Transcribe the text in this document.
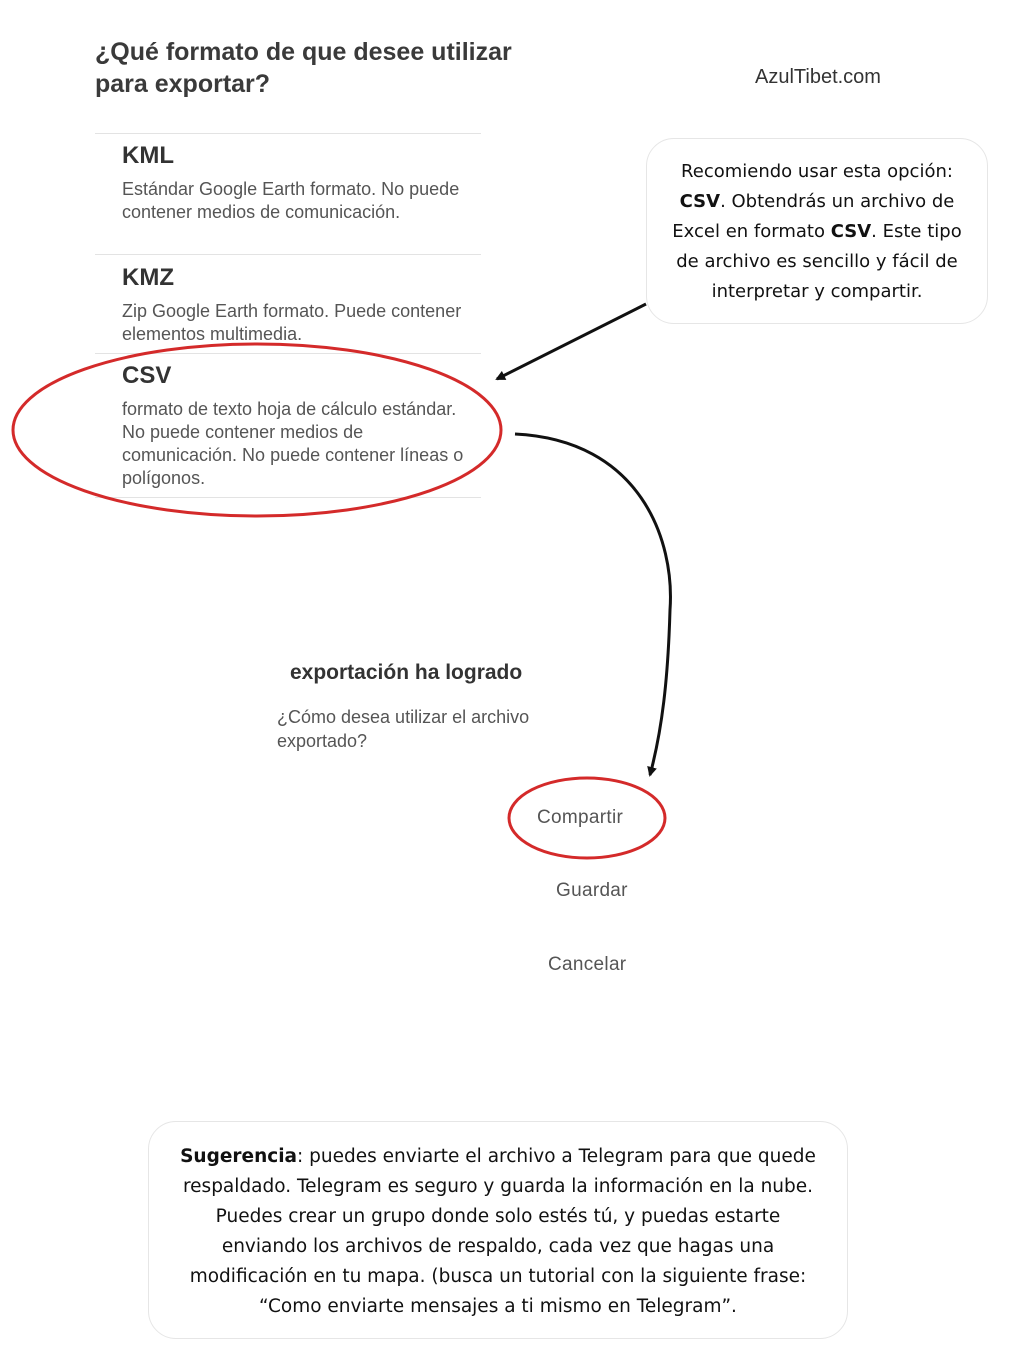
¿Qué formato de que desee utilizar para exportar?	AzulTibet.com
KML
Estándar Google Earth formato. No puede contener medios de comunicación.
KMZ
Zip Google Earth formato. Puede contener elementos multimedia.
CSV
formato de texto hoja de cálculo estándar. No puede contener medios de comunicación. No puede contener líneas o polígonos.
Recomiendo usar esta opción: CSV. Obtendrás un archivo de Excel en formato CSV. Este tipo de archivo es sencillo y fácil de interpretar y compartir.
exportación ha logrado
¿Cómo desea utilizar el archivo exportado?
Compartir
Guardar
Cancelar
Sugerencia: puedes enviarte el archivo a Telegram para que quede respaldado. Telegram es seguro y guarda la información en la nube. Puedes crear un grupo donde solo estés tú, y puedas estarte enviando los archivos de respaldo, cada vez que hagas una modificación en tu mapa. (busca un tutorial con la siguiente frase: “Como enviarte mensajes a ti mismo en Telegram”.
